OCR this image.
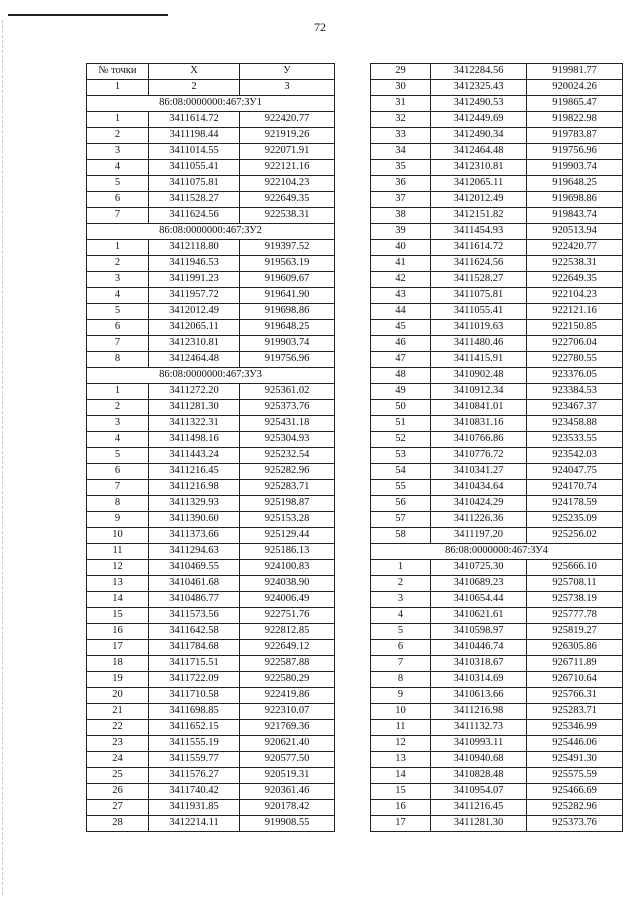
72
№ точки	X	У
1	2	3
86:08:0000000:467:ЗУ1		
1	3411614.72	922420.77
2	3411198.44	921919.26
3	3411014.55	922071.91
4	3411055.41	922121.16
5	3411075.81	922104.23
6	3411528.27	922649.35
7	3411624.56	922538.31
86:08:0000000:467:ЗУ2		
1	3412118.80	919397.52
2	3411946.53	919563.19
3	3411991.23	919609.67
4	3411957.72	919641.90
5	3412012.49	919698.86
6	3412065.11	919648.25
7	3412310.81	919903.74
8	3412464.48	919756.96
86:08:0000000:467:ЗУ3		
1	3411272.20	925361.02
2	3411281.30	925373.76
3	3411322.31	925431.18
4	3411498.16	925304.93
5	3411443.24	925232.54
6	3411216.45	925282.96
7	3411216.98	925283.71
8	3411329.93	925198.87
9	3411390.60	925153.28
10	3411373.66	925129.44
11	3411294.63	925186.13
12	3410469.55	924100.83
13	3410461.68	924038.90
14	3410486.77	924006.49
15	3411573.56	922751.76
16	3411642.58	922812.85
17	3411784.68	922649.12
18	3411715.51	922587.88
19	3411722.09	922580.29
20	3411710.58	922419.86
21	3411698.85	922310.07
22	3411652.15	921769.36
23	3411555.19	920621.40
24	3411559.77	920577.50
25	3411576.27	920519.31
26	3411740.42	920361.46
27	3411931.85	920178.42
28	3412214.11	919908.55
29	3412284.56	919981.77
30	3412325.43	920024.26
31	3412490.53	919865.47
32	3412449.69	919822.98
33	3412490.34	919783.87
34	3412464.48	919756.96
35	3412310.81	919903.74
36	3412065.11	919648.25
37	3412012.49	919698.86
38	3412151.82	919843.74
39	3411454.93	920513.94
40	3411614.72	922420.77
41	3411624.56	922538.31
42	3411528.27	922649.35
43	3411075.81	922104.23
44	3411055.41	922121.16
45	3411019.63	922150.85
46	3411480.46	922706.04
47	3411415.91	922780.55
48	3410902.48	923376.05
49	3410912.34	923384.53
50	3410841.01	923467.37
51	3410831.16	923458.88
52	3410766.86	923533.55
53	3410776.72	923542.03
54	3410341.27	924047.75
55	3410434.64	924170.74
56	3410424.29	924178.59
57	3411226.36	925235.09
58	3411197.20	925256.02
86:08:0000000:467:ЗУ4		
1	3410725.30	925666.10
2	3410689.23	925708.11
3	3410654.44	925738.19
4	3410621.61	925777.78
5	3410598.97	925819.27
6	3410446.74	926305.86
7	3410318.67	926711.89
8	3410314.69	926710.64
9	3410613.66	925766.31
10	3411216.98	925283.71
11	3411132.73	925346.99
12	3410993.11	925446.06
13	3410940.68	925491.30
14	3410828.48	925575.59
15	3410954.07	925466.69
16	3411216.45	925282.96
17	3411281.30	925373.76
